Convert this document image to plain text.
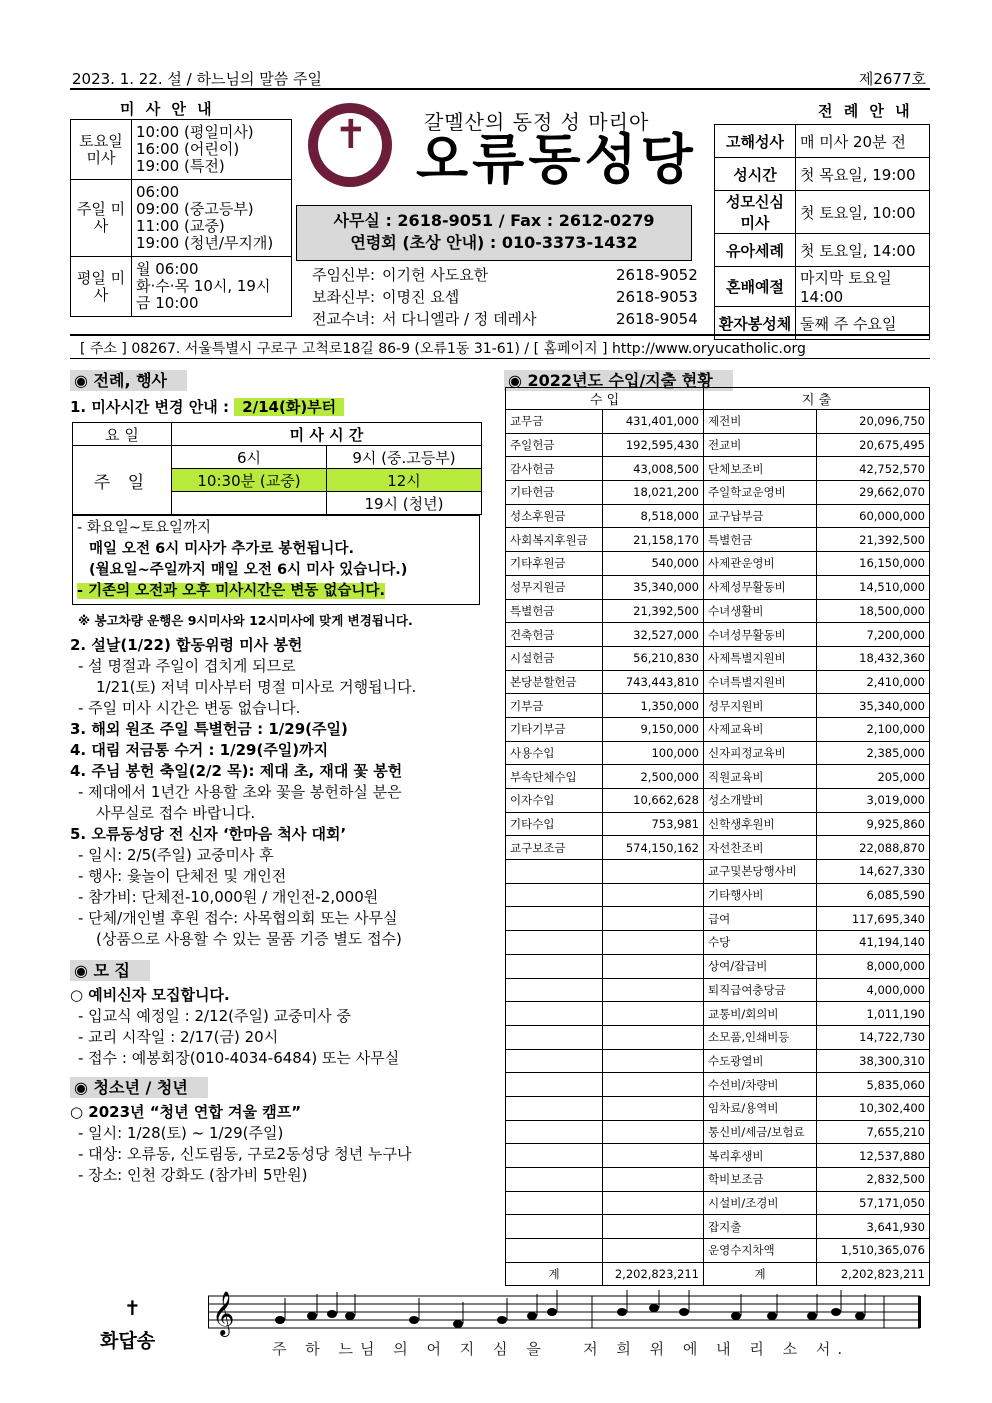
2023. 1. 22. 설 / 하느님의 말씀 주일	제2677호
미 사 안 내
토요일 미사	10:00 (평일미사)
16:00 (어린이)
19:00 (특전)

주일 미사	06:00
09:00 (중고등부)
11:00 (교중)
19:00 (청년/무지개)

평일 미사	월 06:00
화·수·목 10시, 19시
금 10:00
✝	갈멜산의 동정 성 마리아
오류동성당
사무실 : 2618-9051 / Fax : 2612-0279
연령회 (초상 안내) : 010-3373-1432
주임신부: 이기헌 사도요한	2618-9052
보좌신부: 이명진 요셉	2618-9053
전교수녀: 서 다니엘라 / 정 데레사	2618-9054
전 례 안 내
고해성사	매 미사 20분 전
성시간	첫 목요일, 19:00
성모신심 미사	첫 토요일, 10:00
유아세례	첫 토요일, 14:00
혼배예절	마지막 토요일 14:00
환자봉성체	둘째 주 수요일
[ 주소 ] 08267. 서울특별시 구로구 고척로18길 86-9 (오류1동 31-61) / [ 홈페이지 ] http://www.oryucatholic.org
◉ 전례, 행사
1. 미사시간 변경 안내 : 2/14(화)부터
요 일	미 사 시 간	
주 일	6시	9시 (중.고등부)
	10:30분 (교중)	12시
		19시 (청년)
- 화요일~토요일까지
매일 오전 6시 미사가 추가로 봉헌됩니다.
(월요일~주일까지 매일 오전 6시 미사 있습니다.)
- 기존의 오전과 오후 미사시간은 변동 없습니다.
※ 봉고차량 운행은 9시미사와 12시미사에 맞게 변경됩니다.
2. 설날(1/22) 합동위령 미사 봉헌
- 설 명절과 주일이 겹치게 되므로
1/21(토) 저녁 미사부터 명절 미사로 거행됩니다.
- 주일 미사 시간은 변동 없습니다.
3. 해외 원조 주일 특별헌금 : 1/29(주일)
4. 대림 저금통 수거 : 1/29(주일)까지
4. 주님 봉헌 축일(2/2 목): 제대 초, 재대 꽃 봉헌
- 제대에서 1년간 사용할 초와 꽃을 봉헌하실 분은
사무실로 접수 바랍니다.
5. 오류동성당 전 신자 ‘한마음 척사 대회’
- 일시: 2/5(주일) 교중미사 후
- 행사: 윷놀이 단체전 및 개인전
- 참가비: 단체전-10,000원 / 개인전-2,000원
- 단체/개인별 후원 접수: 사목협의회 또는 사무실
(상품으로 사용할 수 있는 물품 기증 별도 접수)
◉ 모 집
○ 예비신자 모집합니다.
- 입교식 예정일 : 2/12(주일) 교중미사 중
- 교리 시작일 : 2/17(금) 20시
- 접수 : 예봉회장(010-4034-6484) 또는 사무실
◉ 청소년 / 청년
○ 2023년 “청년 연합 겨울 캠프”
- 일시: 1/28(토) ~ 1/29(주일)
- 대상: 오류동, 신도림동, 구로2동성당 청년 누구나
- 장소: 인천 강화도 (참가비 5만원)
◉ 2022년도 수입/지출 현황
수 입		지 출	
교무금	431,401,000	제전비	20,096,750
주일헌금	192,595,430	전교비	20,675,495
감사헌금	43,008,500	단체보조비	42,752,570
기타헌금	18,021,200	주일학교운영비	29,662,070
성소후원금	8,518,000	교구납부금	60,000,000
사회복지후원금	21,158,170	특별헌금	21,392,500
기타후원금	540,000	사제관운영비	16,150,000
성무지원금	35,340,000	사제성무활동비	14,510,000
특별헌금	21,392,500	수녀생활비	18,500,000
건축헌금	32,527,000	수녀성무활동비	7,200,000
시설헌금	56,210,830	사제특별지원비	18,432,360
본당분할헌금	743,443,810	수녀특별지원비	2,410,000
기부금	1,350,000	성무지원비	35,340,000
기타기부금	9,150,000	사제교육비	2,100,000
사용수입	100,000	신자피정교육비	2,385,000
부속단체수입	2,500,000	직원교육비	205,000
이자수입	10,662,628	성소개발비	3,019,000
기타수입	753,981	신학생후원비	9,925,860
교구보조금	574,150,162	자선찬조비	22,088,870
		교구및본당행사비	14,627,330
		기타행사비	6,085,590
		급여	117,695,340
		수당	41,194,140
		상여/잡급비	8,000,000
		퇴직급여충당금	4,000,000
		교통비/회의비	1,011,190
		소모품,인쇄비등	14,722,730
		수도광열비	38,300,310
		수선비/차량비	5,835,060
		임차료/용역비	10,302,400
		통신비/세금/보험료	7,655,210
		복리후생비	12,537,880
		학비보조금	2,832,500
		시설비/조경비	57,171,050
		잡지출	3,641,930
		운영수지차액	1,510,365,076
계	2,202,823,211	계	2,202,823,211
✝
화답송
𝄞
주 하 느님 의 어 지 심 을   저 희 위 에 내 리 소 서.
